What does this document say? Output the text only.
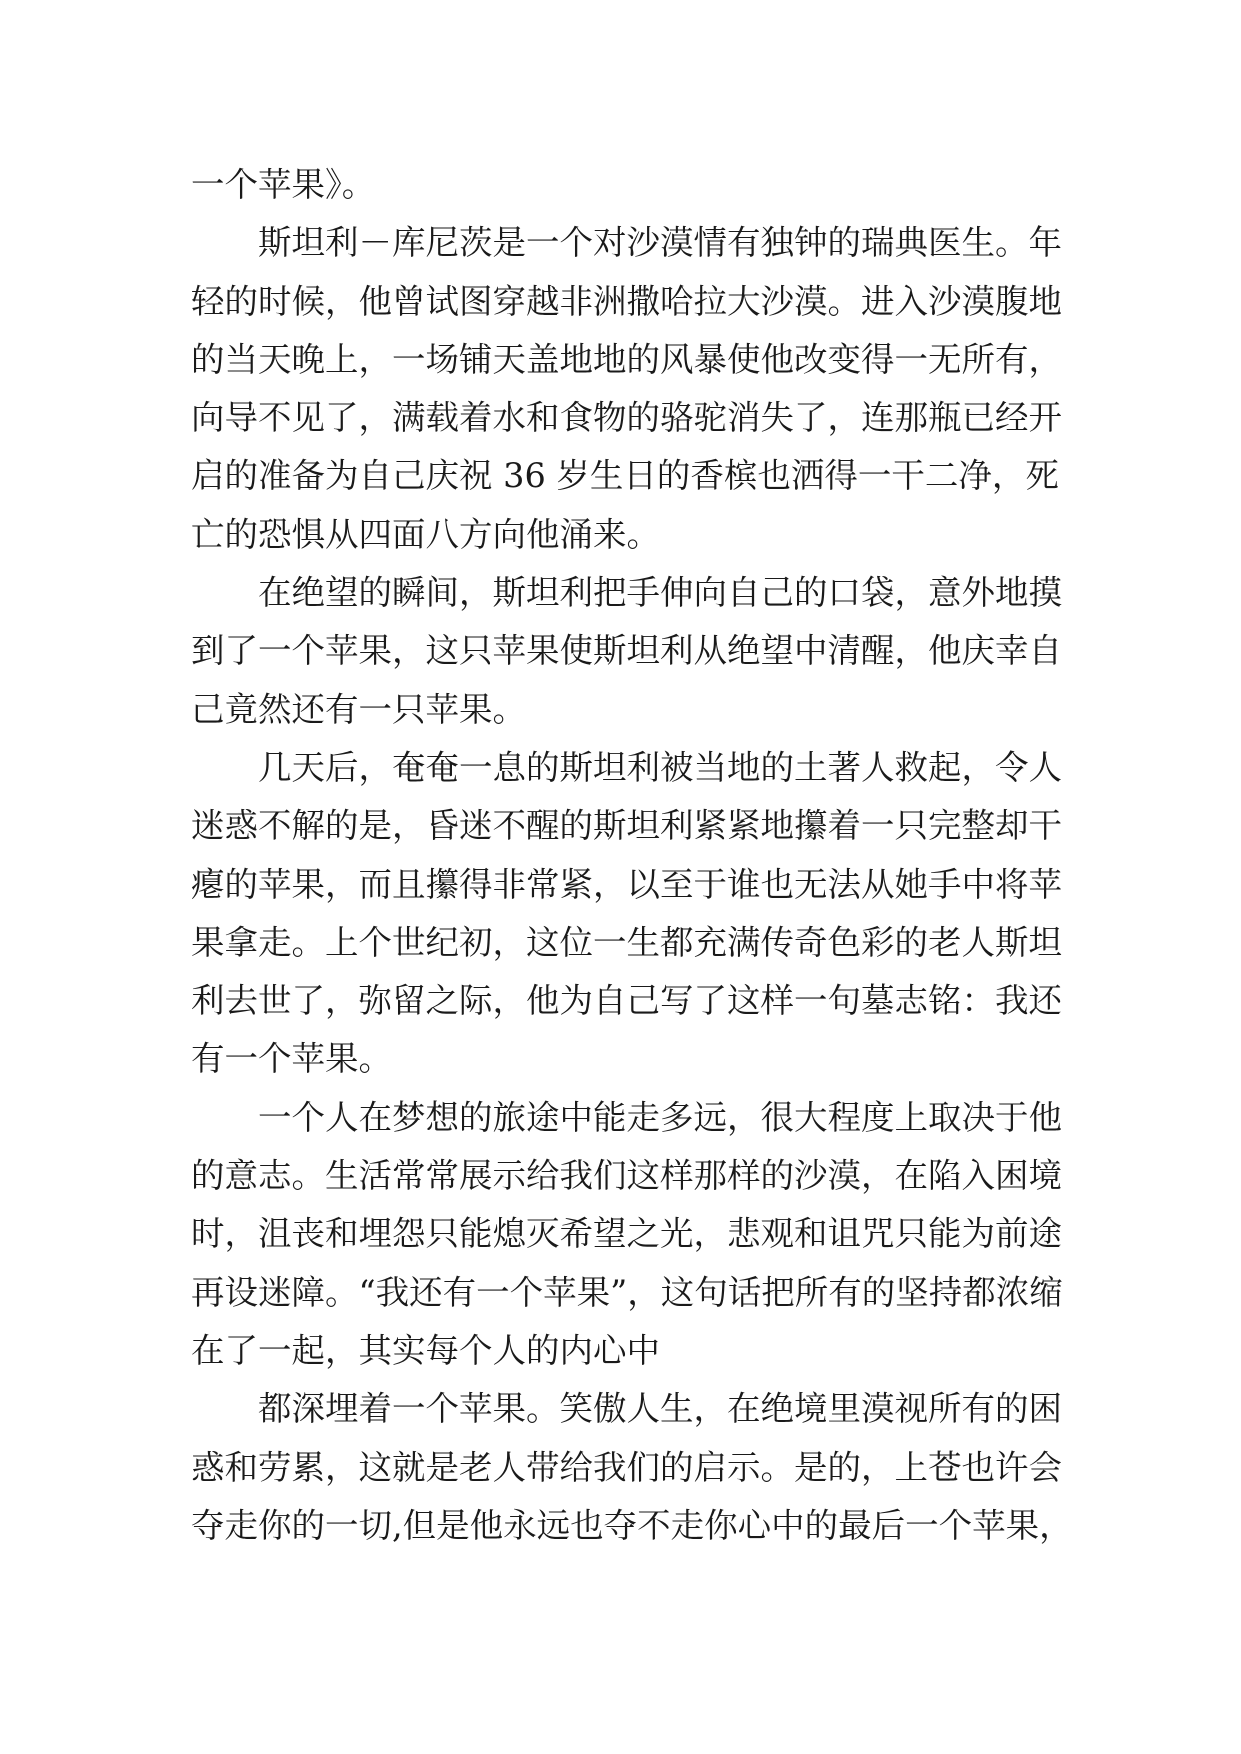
一个苹果》。
斯坦利－库尼茨是一个对沙漠情有独钟的瑞典医生。年
轻的时候，他曾试图穿越非洲撒哈拉大沙漠。进入沙漠腹地
的当天晚上，一场铺天盖地地的风暴使他改变得一无所有，
向导不见了，满载着水和食物的骆驼消失了，连那瓶已经开
启的准备为自己庆祝 36 岁生日的香槟也洒得一干二净，死
亡的恐惧从四面八方向他涌来。
在绝望的瞬间，斯坦利把手伸向自己的口袋，意外地摸
到了一个苹果，这只苹果使斯坦利从绝望中清醒，他庆幸自
己竟然还有一只苹果。
几天后，奄奄一息的斯坦利被当地的土著人救起，令人
迷惑不解的是，昏迷不醒的斯坦利紧紧地攥着一只完整却干
瘪的苹果，而且攥得非常紧，以至于谁也无法从她手中将苹
果拿走。上个世纪初，这位一生都充满传奇色彩的老人斯坦
利去世了，弥留之际，他为自己写了这样一句墓志铭：我还
有一个苹果。
一个人在梦想的旅途中能走多远，很大程度上取决于他
的意志。生活常常展示给我们这样那样的沙漠，在陷入困境
时，沮丧和埋怨只能熄灭希望之光，悲观和诅咒只能为前途
再设迷障。“我还有一个苹果”，这句话把所有的坚持都浓缩
在了一起，其实每个人的内心中
都深埋着一个苹果。笑傲人生，在绝境里漠视所有的困
惑和劳累，这就是老人带给我们的启示。是的，上苍也许会
夺走你的一切,但是他永远也夺不走你心中的最后一个苹果，
